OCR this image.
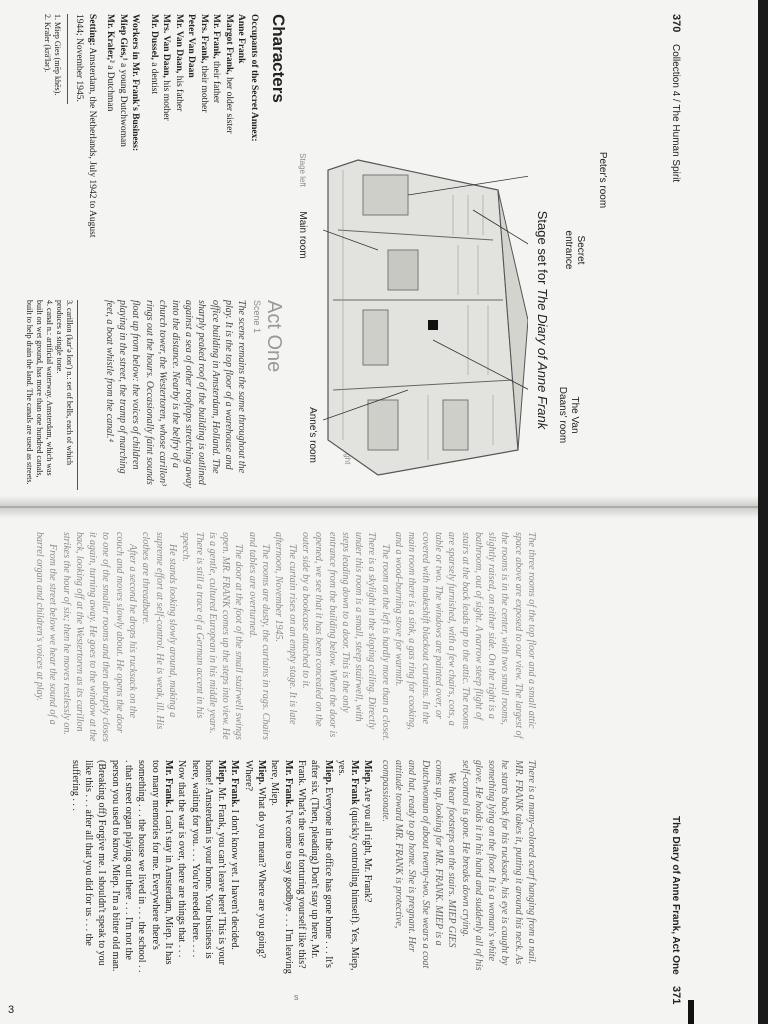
3
s
370
Collection 4 / The Human Spirit
Stage set for The Diary of Anne Frank
Secret entrance
Peter's room
The Van Daans' room
Anne's room
Main room
Stage left
Characters
Occupants of the Secret Annex:
Anne Frank
Margot Frank, her older sister
Mr. Frank, their father
Mrs. Frank, their mother
Peter Van Daan
Mr. Van Daan, his father
Mrs. Van Daan, his mother
Mr. Dussel, a dentist
Workers in Mr. Frank's Business:
Miep Gies,¹ a young Dutchwoman
Mr. Kraler,² a Dutchman
Setting: Amsterdam, the Netherlands, July 1942 to August 1944; November 1945.
1. Miep Gies (mēp khēs).
2. Kraler (krä′lər).
Act One
Scene 1
The scene remains the same throughout the play. It is the top floor of a warehouse and office building in Amsterdam, Holland. The sharply peaked roof of the building is outlined against a sea of other rooftops stretching away into the distance. Nearby is the belfry of a church tower, the Westertoren, whose carillon³ rings out the hours. Occasionally faint sounds float up from below: the voices of children playing in the street, the tramp of marching feet, a boat whistle from the canal.⁴
3. carillon (kar′ə lon′) n.: set of bells, each of which produces a single tone.
4. canal n.: artificial waterway. Amsterdam, which was built on wet ground, has more than one hundred canals, built to help drain the land. The canals are used as streets.

The three rooms of the top floor and a small attic space above are exposed to our view. The largest of the rooms is in the center, with two small rooms, slightly raised, on either side. On the right is a bathroom, out of sight. A narrow steep flight of stairs at the back leads up to the attic. The rooms are sparsely furnished, with a few chairs, cots, a table or two. The windows are painted over, or covered with makeshift blackout curtains. In the main room there is a sink, a gas ring for cooking, and a wood-burning stove for warmth.

The room on the left is hardly more than a closet. There is a skylight in the sloping ceiling. Directly under this room is a small, steep stairwell, with steps leading down to a door. This is the only entrance from the building below. When the door is opened, we see that it has been concealed on the outer side by a bookcase attached to it.

The curtain rises on an empty stage. It is late afternoon, November 1945.

The rooms are dusty, the curtains in rags. Chairs and tables are overturned.

The door at the foot of the small stairwell swings open. MR. FRANK comes up the steps into view. He is a gentle, cultured European in his middle years. There is still a trace of a German accent in his speech.

He stands looking slowly around, making a supreme effort at self-control. He is weak, ill. His clothes are threadbare.

After a second he drops his rucksack on the couch and moves slowly about. He opens the door to one of the smaller rooms and then abruptly closes it again, turning away. He goes to the window at the back, looking off at the Westertoren as its carillon strikes the hour of six; then he moves restlessly on.

From the street below we hear the sound of a barrel organ and children's voices at play.

There is a many-colored scarf hanging from a nail. MR. FRANK takes it, putting it around his neck. As he starts back for his rucksack, his eye is caught by something lying on the floor. It is a woman's white glove. He holds it in his hand and suddenly all of his self-control is gone. He breaks down crying.

We hear footsteps on the stairs. MIEP GIES comes up, looking for MR. FRANK. MIEP is a Dutchwoman of about twenty-two. She wears a coat and hat, ready to go home. She is pregnant. Her attitude toward MR. FRANK is protective, compassionate.

Miep. Are you all right, Mr. Frank?

Mr. Frank (quickly controlling himself). Yes, Miep, yes.

Miep. Everyone in the office has gone home . . . It's after six. (Then, pleading) Don't stay up here, Mr. Frank. What's the use of torturing yourself like this?

Mr. Frank. I've come to say goodbye . . . I'm leaving here, Miep.

Miep. What do you mean? Where are you going? Where?

Mr. Frank. I don't know yet. I haven't decided.

Miep. Mr. Frank, you can't leave here! This is your home! Amsterdam is your home. Your business is here, waiting for you. . . . You're needed here. . . . Now that the war is over, there are things that . . .

Mr. Frank. I can't stay in Amsterdam, Miep. It has too many memories for me. Everywhere there's something . . . the house we lived in . . . the school . . . that street organ playing out there . . . I'm not the person you used to know, Miep. I'm a bitter old man. (Breaking off) Forgive me. I shouldn't speak to you like this . . . after all that you did for us . . . the suffering . . .

The Diary of Anne Frank, Act One
371
